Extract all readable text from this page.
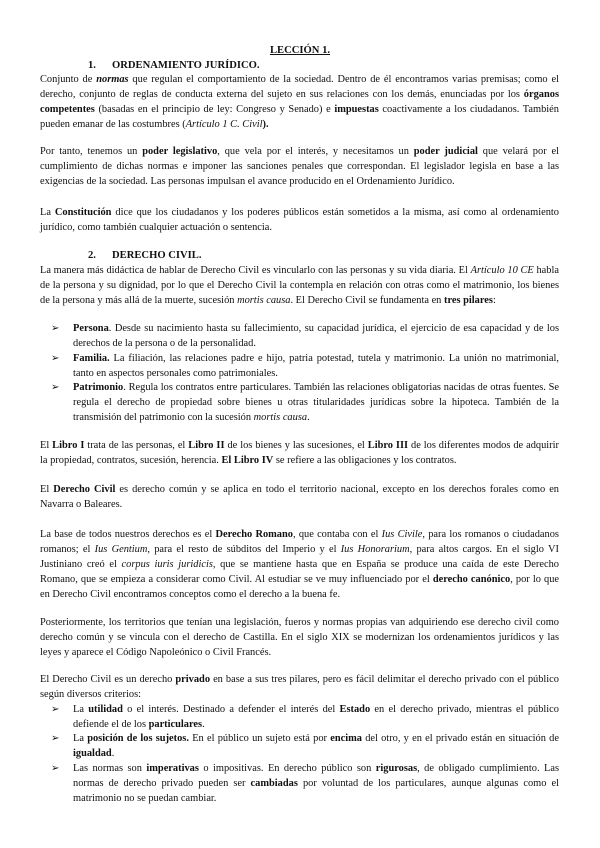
LECCIÓN 1.
1. ORDENAMIENTO JURÍDICO.
Conjunto de normas que regulan el comportamiento de la sociedad. Dentro de él encontramos varias premisas; como el derecho, conjunto de reglas de conducta externa del sujeto en sus relaciones con los demás, enunciadas por los órganos competentes (basadas en el principio de ley: Congreso y Senado) e impuestas coactivamente a los ciudadanos. También pueden emanar de las costumbres (Artículo 1 C. Civil).
Por tanto, tenemos un poder legislativo, que vela por el interés, y necesitamos un poder judicial que velará por el cumplimiento de dichas normas e imponer las sanciones penales que correspondan. El legislador legisla en base a las exigencias de la sociedad. Las personas impulsan el avance producido en el Ordenamiento Jurídico.
La Constitución dice que los ciudadanos y los poderes públicos están sometidos a la misma, así como al ordenamiento jurídico, como también cualquier actuación o sentencia.
2. DERECHO CIVIL.
La manera más didáctica de hablar de Derecho Civil es vincularlo con las personas y su vida diaria. El Artículo 10 CE habla de la persona y su dignidad, por lo que el Derecho Civil la contempla en relación con otras como el matrimonio, los bienes de la persona y más allá de la muerte, sucesión mortis causa. El Derecho Civil se fundamenta en tres pilares:
➢ Persona. Desde su nacimiento hasta su fallecimiento, su capacidad jurídica, el ejercicio de esa capacidad y de los derechos de la persona o de la personalidad.
➢ Familia. La filiación, las relaciones padre e hijo, patria potestad, tutela y matrimonio. La unión no matrimonial, tanto en aspectos personales como patrimoniales.
➢ Patrimonio. Regula los contratos entre particulares. También las relaciones obligatorias nacidas de otras fuentes. Se regula el derecho de propiedad sobre bienes u otras titularidades jurídicas sobre la hipoteca. También de la transmisión del patrimonio con la sucesión mortis causa.
El Libro I trata de las personas, el Libro II de los bienes y las sucesiones, el Libro III de los diferentes modos de adquirir la propiedad, contratos, sucesión, herencia. El Libro IV se refiere a las obligaciones y los contratos.
El Derecho Civil es derecho común y se aplica en todo el territorio nacional, excepto en los derechos forales como en Navarra o Baleares.
La base de todos nuestros derechos es el Derecho Romano, que contaba con el Ius Civile, para los romanos o ciudadanos romanos; el Ius Gentium, para el resto de súbditos del Imperio y el Ius Honorarium, para altos cargos. En el siglo VI Justiniano creó el corpus iuris juridicis, que se mantiene hasta que en España se produce una caída de este Derecho Romano, que se empieza a considerar como Civil. Al estudiar se ve muy influenciado por el derecho canónico, por lo que en Derecho Civil encontramos conceptos como el derecho a la buena fe.
Posteriormente, los territorios que tenían una legislación, fueros y normas propias van adquiriendo ese derecho civil como derecho común y se vincula con el derecho de Castilla. En el siglo XIX se modernizan los ordenamientos jurídicos y las leyes y aparece el Código Napoleónico o Civil Francés.
El Derecho Civil es un derecho privado en base a sus tres pilares, pero es fácil delimitar el derecho privado con el público según diversos criterios:
➢ La utilidad o el interés. Destinado a defender el interés del Estado en el derecho privado, mientras el público defiende el de los particulares.
➢ La posición de los sujetos. En el público un sujeto está por encima del otro, y en el privado están en situación de igualdad.
➢ Las normas son imperativas o impositivas. En derecho público son rigurosas, de obligado cumplimiento. Las normas de derecho privado pueden ser cambiadas por voluntad de los particulares, aunque algunas como el matrimonio no se puedan cambiar.
